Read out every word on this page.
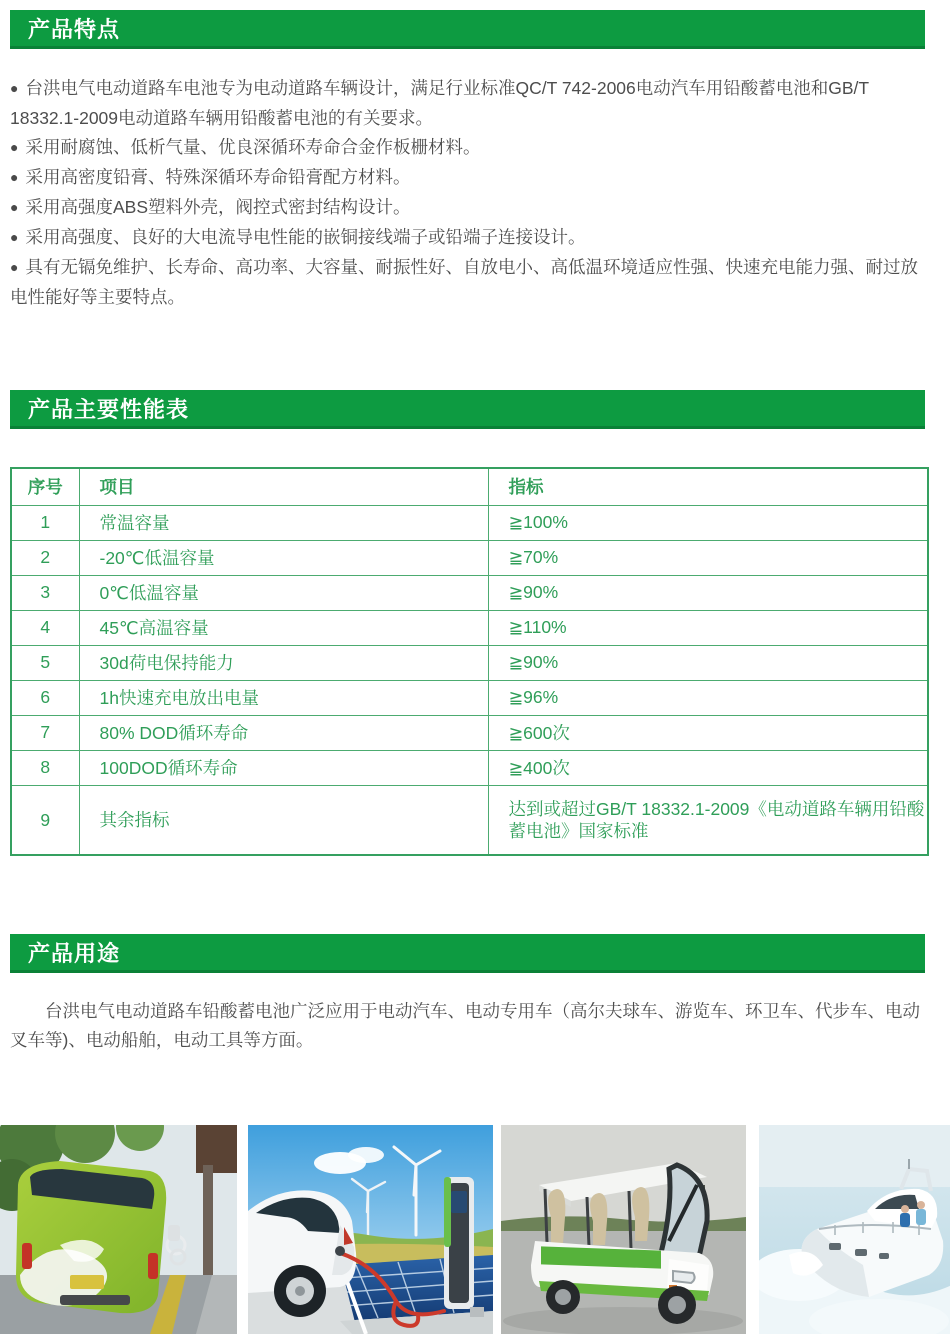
产品特点

● 台洪电气电动道路车电池专为电动道路车辆设计，满足行业标准QC/T 742-2006电动汽车用铅酸蓄电池和GB/T 18332.1-2009电动道路车辆用铅酸蓄电池的有关要求。

● 采用耐腐蚀、低析气量、优良深循环寿命合金作板栅材料。

● 采用高密度铅膏、特殊深循环寿命铅膏配方材料。

● 采用高强度ABS塑料外壳，阀控式密封结构设计。

● 采用高强度、良好的大电流导电性能的嵌铜接线端子或铅端子连接设计。

● 具有无镉免维护、长寿命、高功率、大容量、耐振性好、自放电小、高低温环境适应性强、快速充电能力强、耐过放电性能好等主要特点。

产品主要性能表
序号	项目	指标
1	常温容量	≧100%
2	-20℃低温容量	≧70%
3	0℃低温容量	≧90%
4	45℃高温容量	≧110%
5	30d荷电保持能力	≧90%
6	1h快速充电放出电量	≧96%
7	80% DOD循环寿命	≧600次
8	100DOD循环寿命	≧400次
9	其余指标	达到或超过GB/T 18332.1-2009《电动道路车辆用铅酸蓄电池》国家标准
产品用途

台洪电气电动道路车铅酸蓄电池广泛应用于电动汽车、电动专用车（高尔夫球车、游览车、环卫车、代步车、电动叉车等)、电动船舶，电动工具等方面。
